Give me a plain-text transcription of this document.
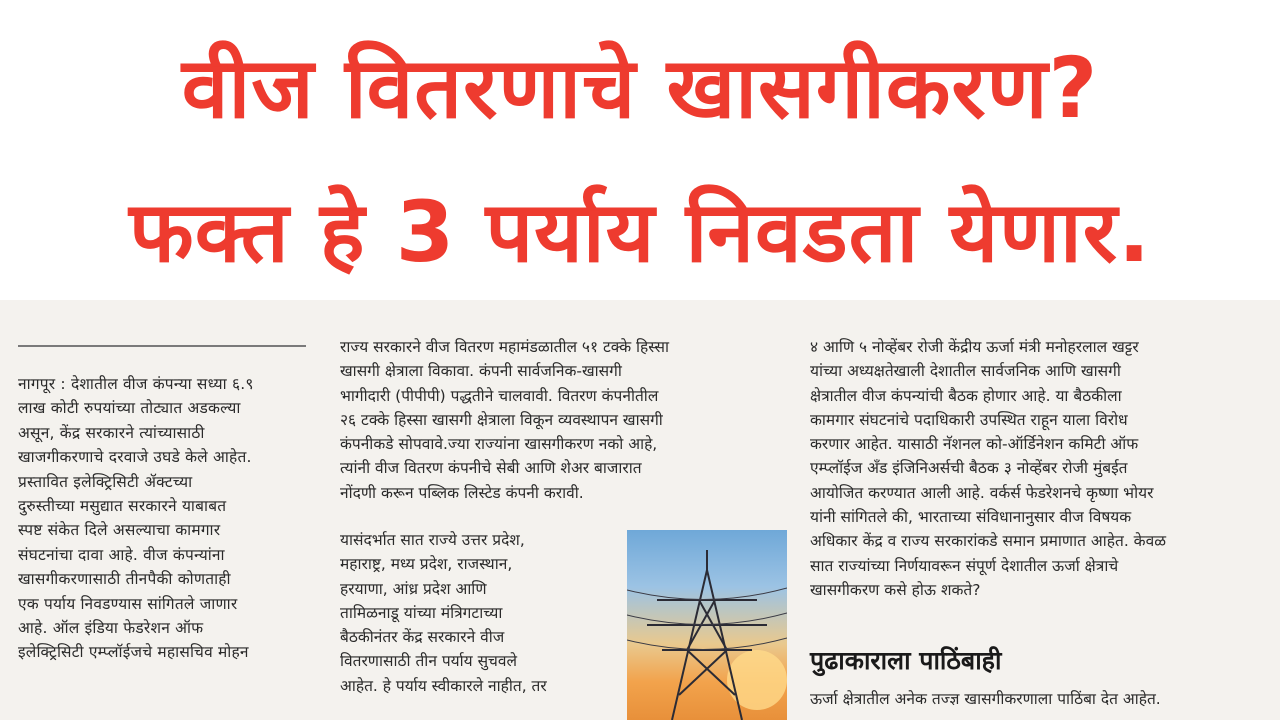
वीज वितरणाचे खासगीकरण?
फक्त हे 3 पर्याय निवडता येणार.

नागपूर : देशातील वीज कंपन्या सध्या ६.९

लाख कोटी रुपयांच्या तोट्यात अडकल्या

असून, केंद्र सरकारने त्यांच्यासाठी

खाजगीकरणाचे दरवाजे उघडे केले आहेत.

प्रस्तावित इलेक्ट्रिसिटी ॲक्टच्या

दुरुस्तीच्या मसुद्यात सरकारने याबाबत

स्पष्ट संकेत दिले असल्याचा कामगार

संघटनांचा दावा आहे. वीज कंपन्यांना

खासगीकरणासाठी तीनपैकी कोणताही

एक पर्याय निवडण्यास सांगितले जाणार

आहे. ऑल इंडिया फेडरेशन ऑफ

इलेक्ट्रिसिटी एम्प्लॉईजचे महासचिव मोहन

राज्य सरकारने वीज वितरण महामंडळातील ५१ टक्के हिस्सा

खासगी क्षेत्राला विकावा. कंपनी सार्वजनिक-खासगी

भागीदारी (पीपीपी) पद्धतीने चालवावी. वितरण कंपनीतील

२६ टक्के हिस्सा खासगी क्षेत्राला विकून व्यवस्थापन खासगी

कंपनीकडे सोपवावे.ज्या राज्यांना खासगीकरण नको आहे,

त्यांनी वीज वितरण कंपनीचे सेबी आणि शेअर बाजारात

नोंदणी करून पब्लिक लिस्टेड कंपनी करावी.

यासंदर्भात सात राज्ये उत्तर प्रदेश,

महाराष्ट्र, मध्य प्रदेश, राजस्थान,

हरयाणा, आंध्र प्रदेश आणि

तामिळनाडू यांच्या मंत्रिगटाच्या

बैठकीनंतर केंद्र सरकारने वीज

वितरणासाठी तीन पर्याय सुचवले

आहेत. हे पर्याय स्वीकारले नाहीत, तर

४ आणि ५ नोव्हेंबर रोजी केंद्रीय ऊर्जा मंत्री मनोहरलाल खट्टर

यांच्या अध्यक्षतेखाली देशातील सार्वजनिक आणि खासगी

क्षेत्रातील वीज कंपन्यांची बैठक होणार आहे. या बैठकीला

कामगार संघटनांचे पदाधिकारी उपस्थित राहून याला विरोध

करणार आहेत. यासाठी नॅशनल को-ऑर्डिनेशन कमिटी ऑफ

एम्प्लॉईज अँड इंजिनिअर्सची बैठक ३ नोव्हेंबर रोजी मुंबईत

आयोजित करण्यात आली आहे. वर्कर्स फेडरेशनचे कृष्णा भोयर

यांनी सांगितले की, भारताच्या संविधानानुसार वीज विषयक

अधिकार केंद्र व राज्य सरकारांकडे समान प्रमाणात आहेत. केवळ

सात राज्यांच्या निर्णयावरून संपूर्ण देशातील ऊर्जा क्षेत्राचे

खासगीकरण कसे होऊ शकते?

पुढाकाराला पाठिंबाही

ऊर्जा क्षेत्रातील अनेक तज्ज्ञ खासगीकरणाला पाठिंबा देत आहेत.
